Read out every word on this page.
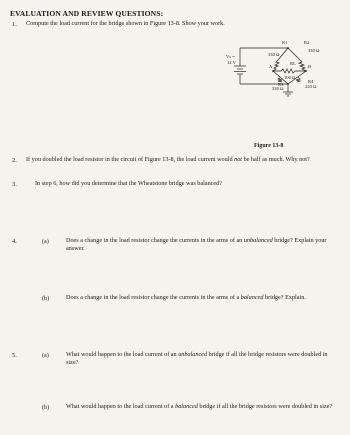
EVALUATION AND REVIEW QUESTIONS:
1. Compute the load current for the bridge shown in Figure 13-8. Show your work.
Vs =
12 V
330 Ω
R1
330 Ω
R2
330 Ω
R3	220 Ω
R4
100 Ω
RL
A	B
Figure 13-8
2. If you doubled the load resistor in the circuit of Figure 13-8, the load current would not be half as much. Why not?
3.	In step 6, how did you determine that the Wheatstone bridge was balanced?
4.	(a)	Does a change in the load resistor change the currents in the arms of an unbalanced bridge? Explain your answer.
(b)	Does a change in the load resistor change the currents in the arms of a balanced bridge? Explain.
5.	(a)	What would happen to the load current of an unbalanced bridge if all the bridge resistors were doubled in size?
(b)	What would happen to the load current of a balanced bridge if all the bridge resistors were doubled in size?
